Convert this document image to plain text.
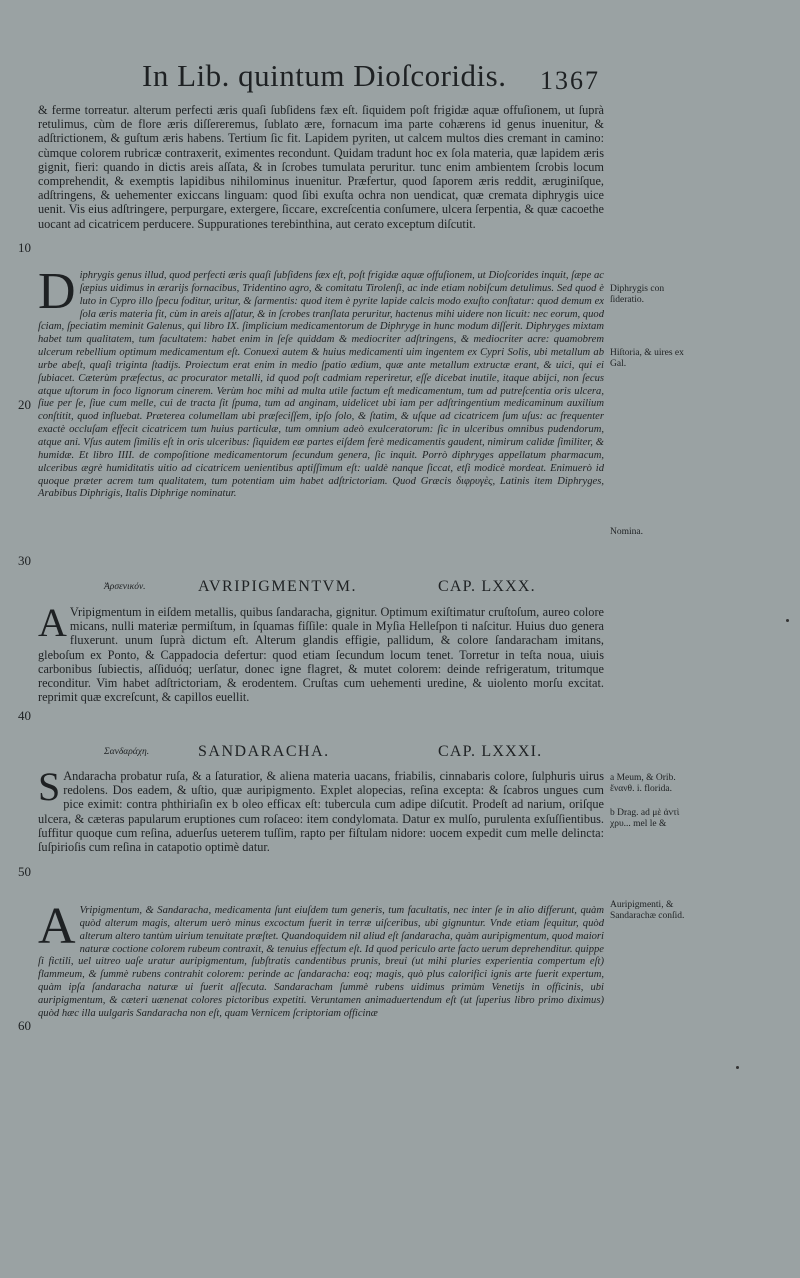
In Lib. quintum Dioſcoridis. 1367

& ferme torreatur. alterum perfecti æris quaſi ſubſidens fæx eſt. ſiquidem poſt frigidæ aquæ offuſionem, ut ſuprà retulimus, cùm de flore æris diſſereremus, ſublato ære, fornacum ima parte cohærens id genus inuenitur, & adſtrictionem, & guſtum æris habens. Tertium ſic fit. Lapidem pyriten, ut calcem multos dies cremant in camino: cùmque colorem rubricæ contraxerit, eximentes recondunt. Quidam tradunt hoc ex ſola materia, quæ lapidem æris gignit, fieri: quando in dictis areis aſſata, & in ſcrobes tumulata peruritur. tunc enim ambientem ſcrobis locum comprehendit, & exemptis lapidibus nihilominus inuenitur. Præfertur, quod ſaporem æris reddit, æruginiſque, adſtringens, & uehementer exiccans linguam: quod ſibi exuſta ochra non uendicat, quæ cremata diphrygis uice uenit. Vis eius adſtringere, perpurgare, extergere, ſiccare, excreſcentia conſumere, ulcera ſerpentia, & quæ cacoethe uocant ad cicatricem perducere. Suppurationes terebinthina, aut cerato exceptum diſcutit.

D iphrygis genus illud, quod perfecti æris quaſi ſubſidens fæx eſt, poſt frigidæ aquæ offuſionem, ut Dioſcorides inquit, ſæpe ac ſæpius uidimus in ærarijs fornacibus, Tridentino agro, & comitatu Tirolenſi, ac inde etiam nobiſcum detulimus. Sed quod è luto in Cypro illo ſpecu foditur, uritur, & ſarmentis: quod item è pyrite lapide calcis modo exuſto conſtatur: quod demum ex ſola æris materia fit, cùm in areis aſſatur, & in ſcrobes tranſlata peruritur, hactenus mihi uidere non licuit: nec eorum, quod ſciam, ſpeciatim meminit Galenus, qui libro IX. ſimplicium medicamentorum de Diphryge in hunc modum diſſerit. Diphryges mixtam habet tum qualitatem, tum facultatem: habet enim in ſeſe quiddam & mediocriter adſtringens, & mediocriter acre: quamobrem ulcerum rebellium optimum medicamentum eſt. Conuexi autem & huius medicamenti uim ingentem ex Cypri Solis, ubi metallum ab urbe abeſt, quaſi triginta ſtadijs. Proiectum erat enim in medio ſpatio ædium, quæ ante metallum extructæ erant, & uici, qui ei ſubiacet. Cæterùm præfectus, ac procurator metalli, id quod poſt cadmiam reperiretur, eſſe dicebat inutile, itaque abijci, non ſecus atque uſtorum in foco lignorum cinerem. Verùm hoc mihi ad multa utile factum eſt medicamentum, tum ad putreſcentia oris ulcera, ſiue per ſe, ſiue cum melle, cui de tracta ſit ſpuma, tum ad anginam, uidelicet ubi iam per adſtringentium medicaminum auxilium conſtitit, quod influebat. Præterea columellam ubi præſeciſſem, ipſo ſolo, & ſtatim, & uſque ad cicatricem ſum uſus: ac frequenter exactè occluſam effecit cicatricem tum huius particulæ, tum omnium adeò exulceratorum: ſic in ulceribus omnibus pudendorum, atque ani. Vſus autem ſimilis eſt in oris ulceribus: ſiquidem eæ partes eiſdem ferè medicamentis gaudent, nimirum calidæ ſimiliter, & humidæ. Et libro IIII. de compoſitione medicamentorum ſecundum genera, ſic inquit. Porrò diphryges appellatum pharmacum, ulceribus ægrè humiditatis uitio ad cicatricem uenientibus aptiſſimum eſt: ualdè nanque ſiccat, etſi modicè mordeat. Enimuerò id quoque præter acrem tum qualitatem, tum potentiam uim habet adſtrictoriam. Quod Græcis διφρυγὲς, Latinis item Diphryges, Arabibus Diphrigis, Italis Diphrige nominatur.
Ἀρσενικόν.	AVRIPIGMENTVM.	CAP. LXXX.
A Vripigmentum in eiſdem metallis, quibus ſandaracha, gignitur. Optimum exiſtimatur cruſtoſum, aureo colore micans, nulli materiæ permiſtum, in ſquamas fiſſile: quale in Myſia Helleſpon ti naſcitur. Huius duo genera fluxerunt. unum ſuprà dictum eſt. Alterum glandis effigie, pallidum, & colore ſandaracham imitans, gleboſum ex Ponto, & Cappadocia defertur: quod etiam ſecundum locum tenet. Torretur in teſta noua, uiuis carbonibus ſubiectis, aſſiduóq; uerſatur, donec igne flagret, & mutet colorem: deinde refrigeratum, tritumque reconditur. Vim habet adſtrictoriam, & erodentem. Cruſtas cum uehementi uredine, & uiolento morſu excitat. reprimit quæ excreſcunt, & capillos euellit.
Σανδαράχη.	SANDARACHA.	CAP. LXXXI.
S Andaracha probatur ruſa, & a ſaturatior, & aliena materia uacans, friabilis, cinnabaris colore, ſulphuris uirus redolens. Dos eadem, & uſtio, quæ auripigmento. Explet alopecias, reſina excepta: & ſcabros ungues cum pice eximit: contra phthiriaſin ex b oleo efficax eſt: tubercula cum adipe diſcutit. Prodeſt ad narium, oriſque ulcera, & cæteras papularum eruptiones cum roſaceo: item condylomata. Datur ex mulſo, purulenta exſuſſientibus. ſuffitur quoque cum reſina, aduerſus ueterem tuſſim, rapto per fiſtulam nidore: uocem expedit cum melle delincta: ſuſpirioſis cum reſina in catapotio optimè datur.
A Vripigmentum, & Sandaracha, medicamenta ſunt eiuſdem tum generis, tum facultatis, nec inter ſe in alio differunt, quàm quòd alterum magis, alterum uerò minus excoctum fuerit in terræ uiſceribus, ubi gignuntur. Vnde etiam ſequitur, quòd alterum altero tantùm uirium tenuitate præſtet. Quandoquidem nil aliud eſt ſandaracha, quàm auripigmentum, quod maiori naturæ coctione colorem rubeum contraxit, & tenuius effectum eſt. Id quod periculo arte facto uerum deprehenditur. quippe ſi fictili, uel uitreo uaſe uratur auripigmentum, ſubſtratis candentibus prunis, breui (ut mihi pluries experientia compertum eſt) flammeum, & ſummè rubens contrahit colorem: perinde ac ſandaracha: eoq; magis, quò plus calorifici ignis arte fuerit expertum, quàm ipſa ſandaracha naturæ ui fuerit aſſecuta. Sandaracham ſummè rubens uidimus primùm Venetijs in officinis, ubi auripigmentum, & cæteri uænenat colores pictoribus expetiti. Veruntamen animaduertendum eſt (ut ſuperius libro primo diximus) quòd hæc illa uulgaris Sandaracha non eſt, quam Vernicem ſcriptoriam officinæ
10
20
30
40
50
60
Diphrygis con ſideratio.
Hiſtoria, & uires ex Gal.
Nomina.
a Meum, & Orib. ἔνανθ. i. florida.
b Drag. ad μὲ ἀντὶ χρυ... mel le &
Auripigmenti, & Sandarachæ conſid.
